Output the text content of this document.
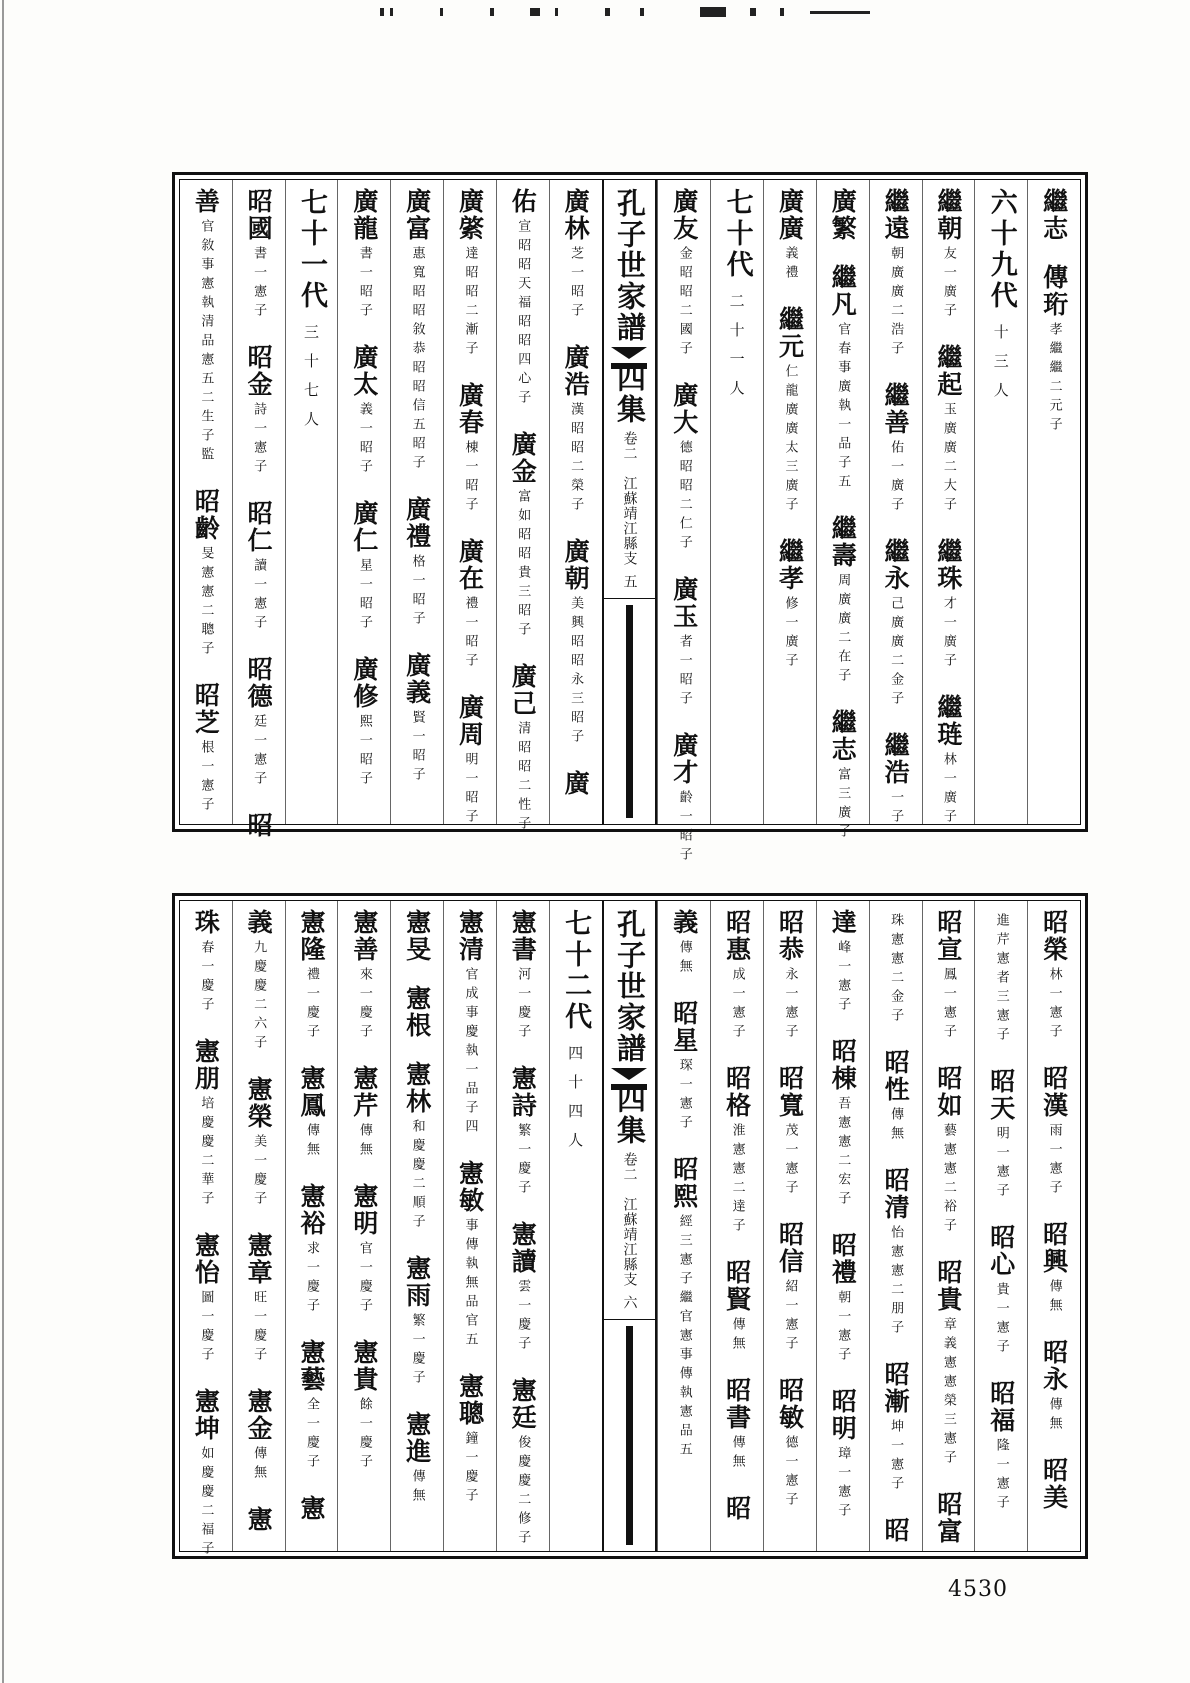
繼志
傳珩
元子
繼二
孝繼
六十九代
十三人
繼朝
廣子
友一
繼起
大子
廣二
玉廣
繼珠
廣子
才一
繼琏
廣子
林一
繼遠
浩子
廣二
朝廣
繼善
廣子
佑一
繼永
金子
廣二
己廣
繼浩
一子
廣繁
繼凡
子五
一品
廣執
春事
官
繼壽
在子
廣二
周廣
繼志
廣子
富三
廣廣
義禮
繼元
廣子
太三
廣廣
仁龍
繼孝
廣子
修一
七十代
二十一人
廣友
國子
昭二
金昭
廣大
仁子
昭二
德昭
廣玉
昭子
者一
廣才
昭子
齡一
孔子世家譜
四集
卷二　江蘇靖江縣支
五
廣林
昭子
芝一
廣浩
榮子
昭二
漢昭
廣朝
昭子
永三
昭昭
美興
廣
佑
心子
昭四
福昭
昭天
宣昭
廣金
昭子
貴三
昭昭
富如
廣己
性子
昭二
清昭
廣綮
漸子
昭二
達昭
廣春
昭子
棟一
廣在
昭子
禮一
廣周
昭子
明一
廣富
昭子
信五
昭昭
敘恭
昭昭
惠寬
廣禮
昭子
格一
廣義
昭子
賢一
廣龍
昭子
書一
廣太
昭子
義一
廣仁
昭子
星一
廣修
昭子
熙一
七十一代
三十七人
昭國
憲子
書一
昭金
憲子
詩一
昭仁
憲子
讀一
昭德
憲子
廷一
昭
善
子監
二生
憲五
清品
憲執
敘事
官
昭齡
聰子
憲二
旻憲
昭芝
憲子
根一
昭榮
憲子
林一
昭漢
憲子
雨一
昭興
傳無
昭永
傳無
昭美
憲子
者三
芹憲
進
昭天
憲子
明一
昭心
憲子
貴一
昭福
憲子
隆一
昭宣
憲子
鳳一
昭如
裕子
憲二
藝憲
昭貴
憲子
榮三
憲憲
章義
昭富
金子
憲二
珠憲
昭性
傳無
昭清
朋子
憲二
怡憲
昭漸
憲子
坤一
昭
達
憲子
峰一
昭棟
宏子
憲二
吾憲
昭禮
憲子
朝一
昭明
憲子
璋一
昭恭
憲子
永一
昭寬
憲子
茂一
昭信
憲子
紹一
昭敏
憲子
德一
昭惠
憲子
成一
昭格
達子
憲二
淮憲
昭賢
傳無
昭書
傳無
昭
義
傳無
昭星
憲子
琛一
昭熙
五
憲品
傳執
憲事
繼官
憲子
經三
孔子世家譜
四集
卷二　江蘇靖江縣支
六
七十二代
四十四人
憲書
慶子
河一
憲詩
慶子
繁一
憲讀
慶子
雲一
憲廷
修子
慶二
俊慶
憲清
子四
一品
慶執
成事
官
憲敏
官五
無品
傳執
事
憲聰
慶子
鐘一
憲旻
憲根
憲林
順子
慶二
和慶
憲雨
慶子
繁一
憲進
傳無
憲善
慶子
來一
憲芹
傳無
憲明
慶子
官一
憲貴
慶子
餘一
憲隆
慶子
禮一
憲鳳
傳無
憲裕
慶子
求一
憲藝
慶子
全一
憲
義
六子
慶二
九慶
憲榮
慶子
美一
憲章
慶子
旺一
憲金
傳無
憲
珠
慶子
春一
憲朋
華子
慶二
培慶
憲怡
慶子
圖一
憲坤
福子
慶二
如慶
4530
